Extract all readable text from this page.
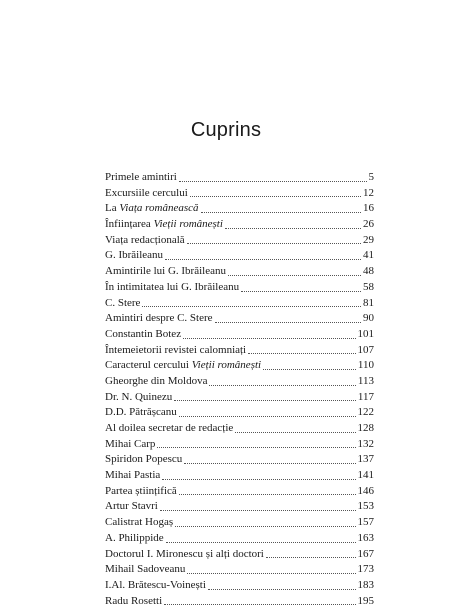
Cuprins
Primele amintiri	5
Excursiile cercului	12
La Viața românească	16
Înființarea Vieții românești	26
Viața redacțională	29
G. Ibrăileanu	41
Amintirile lui G. Ibrăileanu	48
În intimitatea lui G. Ibrăileanu	58
C. Stere	81
Amintiri despre C. Stere	90
Constantin Botez	101
Întemeietorii revistei calomniați	107
Caracterul cercului Vieții românești	110
Gheorghe din Moldova	113
Dr. N. Quinezu	117
D.D. Pătrășcanu	122
Al doilea secretar de redacție	128
Mihai Carp	132
Spiridon Popescu	137
Mihai Pastia	141
Partea științifică	146
Artur Stavri	153
Calistrat Hogaș	157
A. Philippide	163
Doctorul I. Mironescu și alți doctori	167
Mihail Sadoveanu	173
I.Al. Brătescu-Voinești	183
Radu Rosetti	195
